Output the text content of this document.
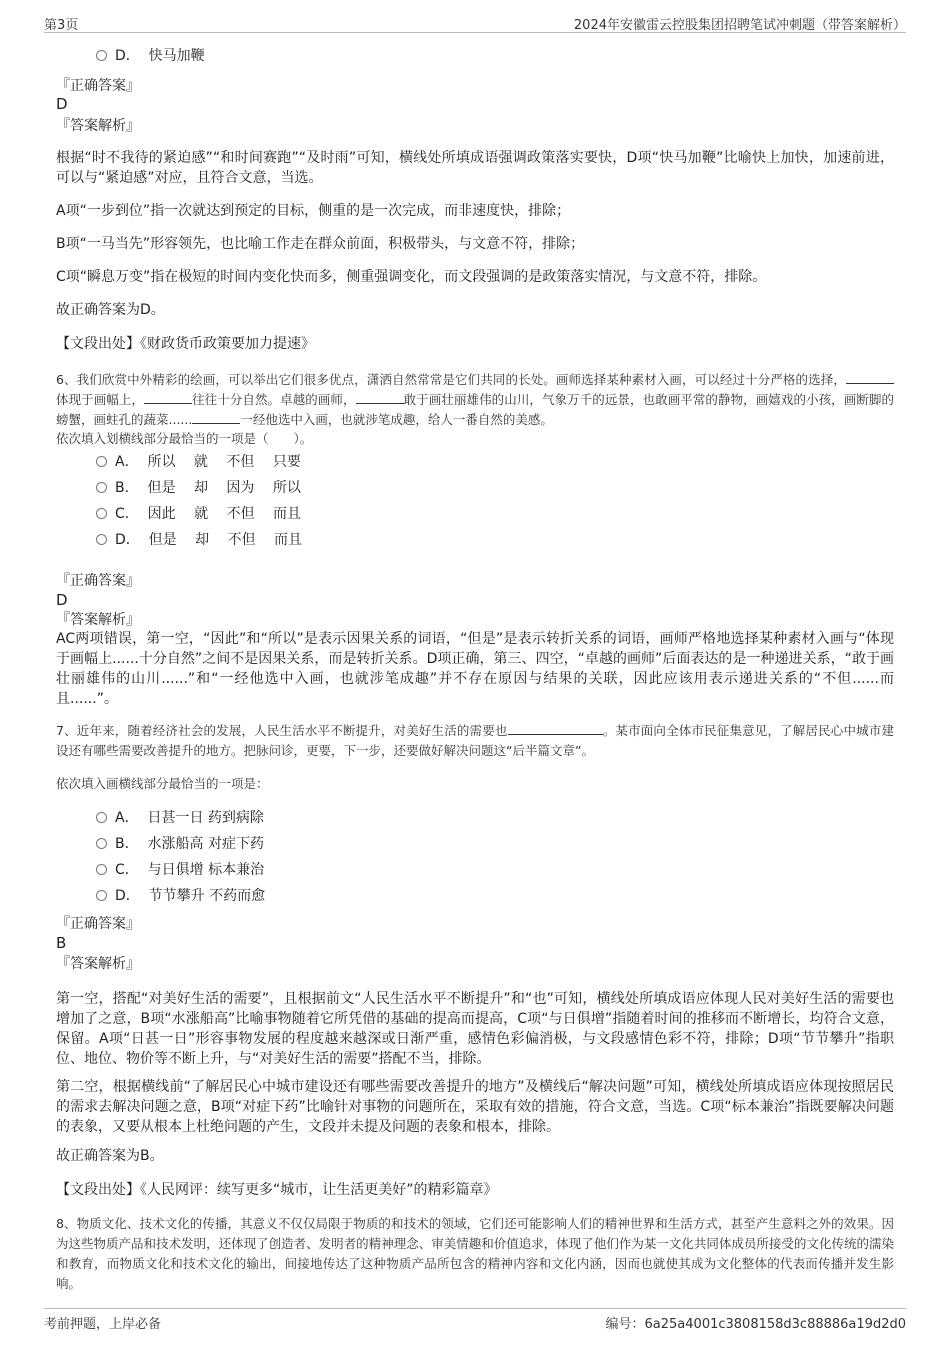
第3页	2024年安徽雷云控股集团招聘笔试冲刺题（带答案解析）
D．  快马加鞭
『正确答案』
D
『答案解析』
根据“时不我待的紧迫感”“和时间赛跑”“及时雨”可知，横线处所填成语强调政策落实要快，D项“快马加鞭”比喻快上加快，加速前进，可以与“紧迫感”对应，且符合文意，当选。
A项“一步到位”指一次就达到预定的目标，侧重的是一次完成，而非速度快，排除；
B项“一马当先”形容领先，也比喻工作走在群众前面，积极带头，与文意不符，排除；
C项“瞬息万变”指在极短的时间内变化快而多，侧重强调变化，而文段强调的是政策落实情况，与文意不符，排除。
故正确答案为D。
【文段出处】《财政货币政策要加力提速》
6、我们欣赏中外精彩的绘画，可以举出它们很多优点，潇洒自然常常是它们共同的长处。画师选择某种素材入画，可以经过十分严格的选择，体现于画幅上，	往往十分自然。卓越的画师，	敢于画壮丽雄伟的山川，气象万千的远景，也敢画平常的静物，画嬉戏的小孩，画断脚的螃蟹，画蛀孔的蔬菜......	一经他选中入画，也就涉笔成趣，给人一番自然的美感。
依次填入划横线部分最恰当的一项是（　　）。
A．  所以　 就　 不但　 只要
B．  但是　 却　 因为　 所以
C．  因此　 就　 不但　 而且
D．  但是　 却　 不但　 而且
『正确答案』
D
『答案解析』
AC两项错误，第一空，“因此”和“所以”是表示因果关系的词语，“但是”是表示转折关系的词语，画师严格地选择某种素材入画与“体现于画幅上......十分自然”之间不是因果关系，而是转折关系。D项正确，第三、四空，“卓越的画师”后面表达的是一种递进关系，“敢于画壮丽雄伟的山川......”和“一经他选中入画，也就涉笔成趣”并不存在原因与结果的关联，因此应该用表示递进关系的“不但......而且......”。
7、近年来，随着经济社会的发展，人民生活水平不断提升，对美好生活的需要也	。某市面向全体市民征集意见，了解居民心中城市建设还有哪些需要改善提升的地方。把脉问诊，更要，下一步，还要做好解决问题这“后半篇文章”。
依次填入画横线部分最恰当的一项是：
A．  日甚一日 药到病除
B．  水涨船高 对症下药
C．  与日俱增 标本兼治
D．  节节攀升 不药而愈
『正确答案』
B
『答案解析』
第一空，搭配“对美好生活的需要”，且根据前文“人民生活水平不断提升”和“也”可知，横线处所填成语应体现人民对美好生活的需要也增加了之意，B项“水涨船高”比喻事物随着它所凭借的基础的提高而提高，C项“与日俱增”指随着时间的推移而不断增长，均符合文意，保留。A项“日甚一日”形容事物发展的程度越来越深或日渐严重，感情色彩偏消极，与文段感情色彩不符，排除；D项“节节攀升”指职位、地位、物价等不断上升，与“对美好生活的需要”搭配不当，排除。
第二空，根据横线前“了解居民心中城市建设还有哪些需要改善提升的地方”及横线后“解决问题”可知，横线处所填成语应体现按照居民的需求去解决问题之意，B项“对症下药”比喻针对事物的问题所在，采取有效的措施，符合文意，当选。C项“标本兼治”指既要解决问题的表象，又要从根本上杜绝问题的产生，文段并未提及问题的表象和根本，排除。
故正确答案为B。
【文段出处】《人民网评：续写更多“城市，让生活更美好”的精彩篇章》
8、物质文化、技术文化的传播，其意义不仅仅局限于物质的和技术的领域，它们还可能影响人们的精神世界和生活方式，甚至产生意料之外的效果。因为这些物质产品和技术发明，还体现了创造者、发明者的精神理念、审美情趣和价值追求，体现了他们作为某一文化共同体成员所接受的文化传统的濡染和教育，而物质文化和技术文化的输出，间接地传达了这种物质产品所包含的精神内容和文化内涵，因而也就使其成为文化整体的代表而传播并发生影响。
考前押题，上岸必备	编号：6a25a4001c3808158d3c88886a19d2d0
